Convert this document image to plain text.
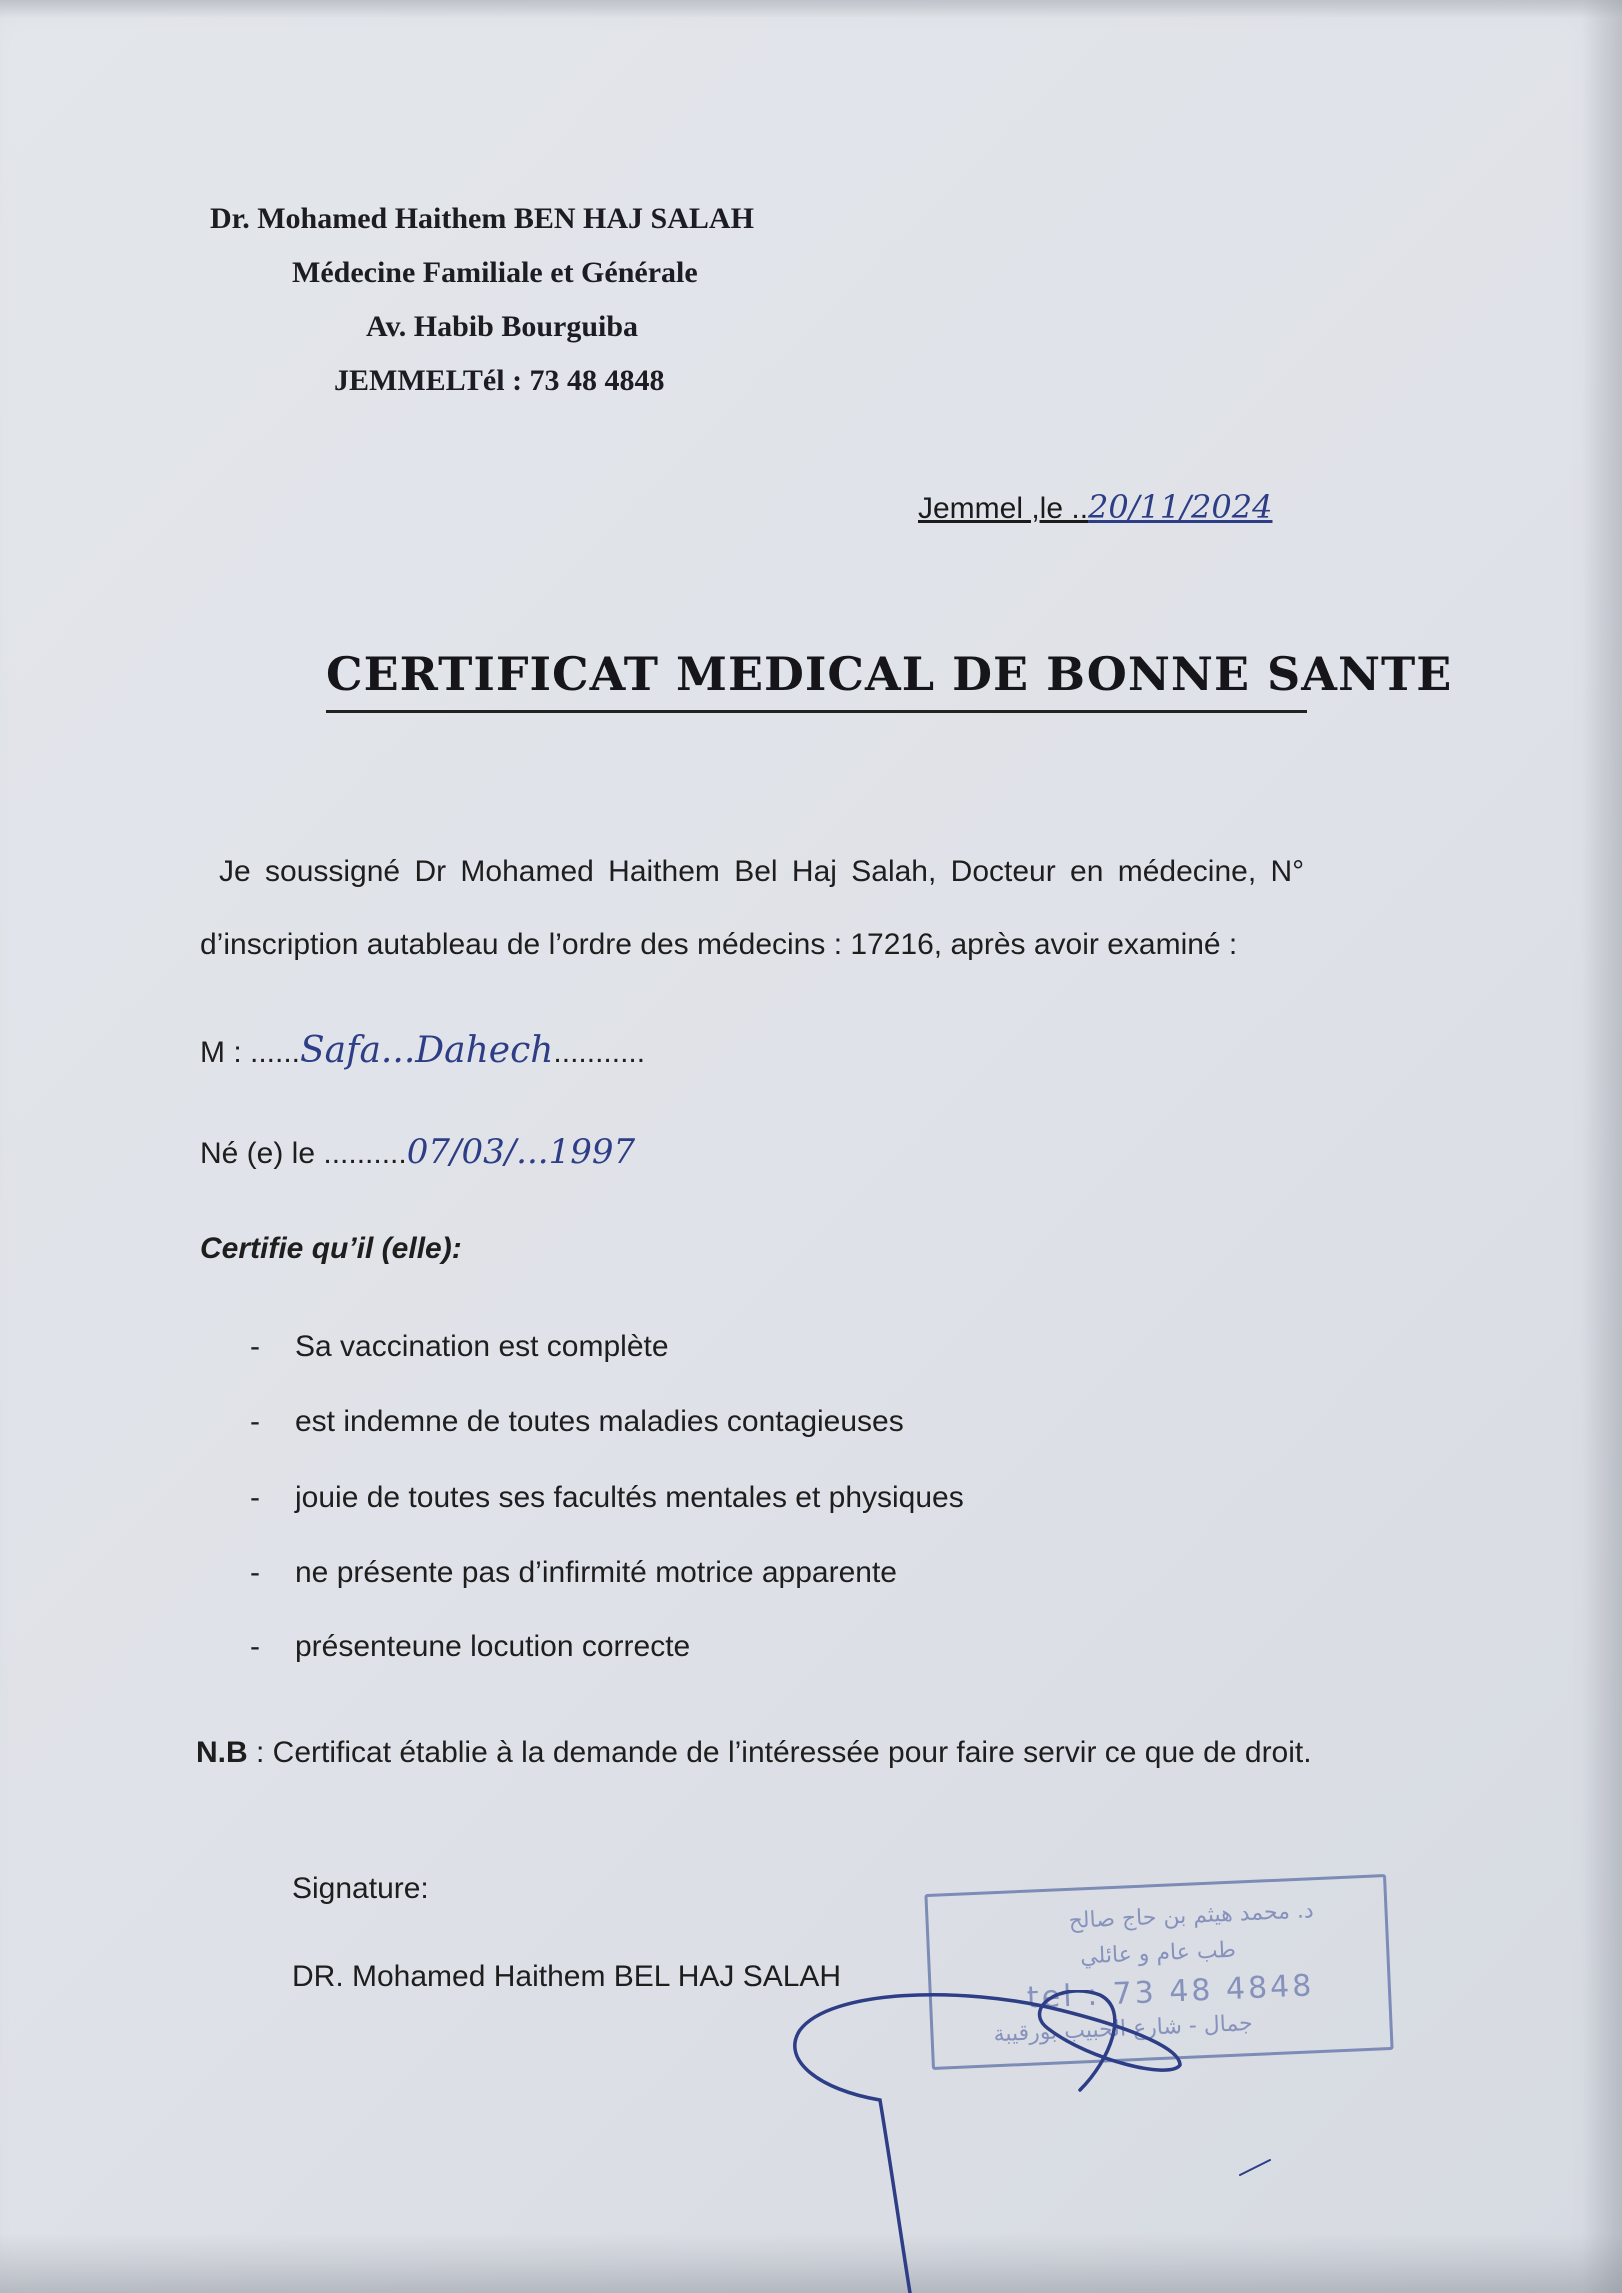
Dr. Mohamed Haithem BEN HAJ SALAH
Médecine Familiale et Générale
Av. Habib Bourguiba
JEMMELTél : 73 48 4848
Jemmel ,le ..20/11/2024
CERTIFICAT MEDICAL DE BONNE SANTE
Je soussigné Dr Mohamed Haithem Bel Haj Salah, Docteur en médecine, N°
d’inscription autableau de l’ordre des médecins : 17216, après avoir examiné :
M : ......Safa...Dahech...........
Né (e) le ..........07/03/...1997
Certifie qu’il (elle):
- Sa vaccination est complète
- est indemne de toutes maladies contagieuses
- jouie de toutes ses facultés mentales et physiques
- ne présente pas d’infirmité motrice apparente
- présenteune locution correcte
N.B : Certificat établie à la demande de l’intéressée pour faire servir ce que de droit.
Signature:
DR. Mohamed Haithem BEL HAJ SALAH
د. محمد هيثم بن حاج صالح
طب عام و عائلي
tel : 73 48 4848
جمال - شارع الحبيب بورقيبة
